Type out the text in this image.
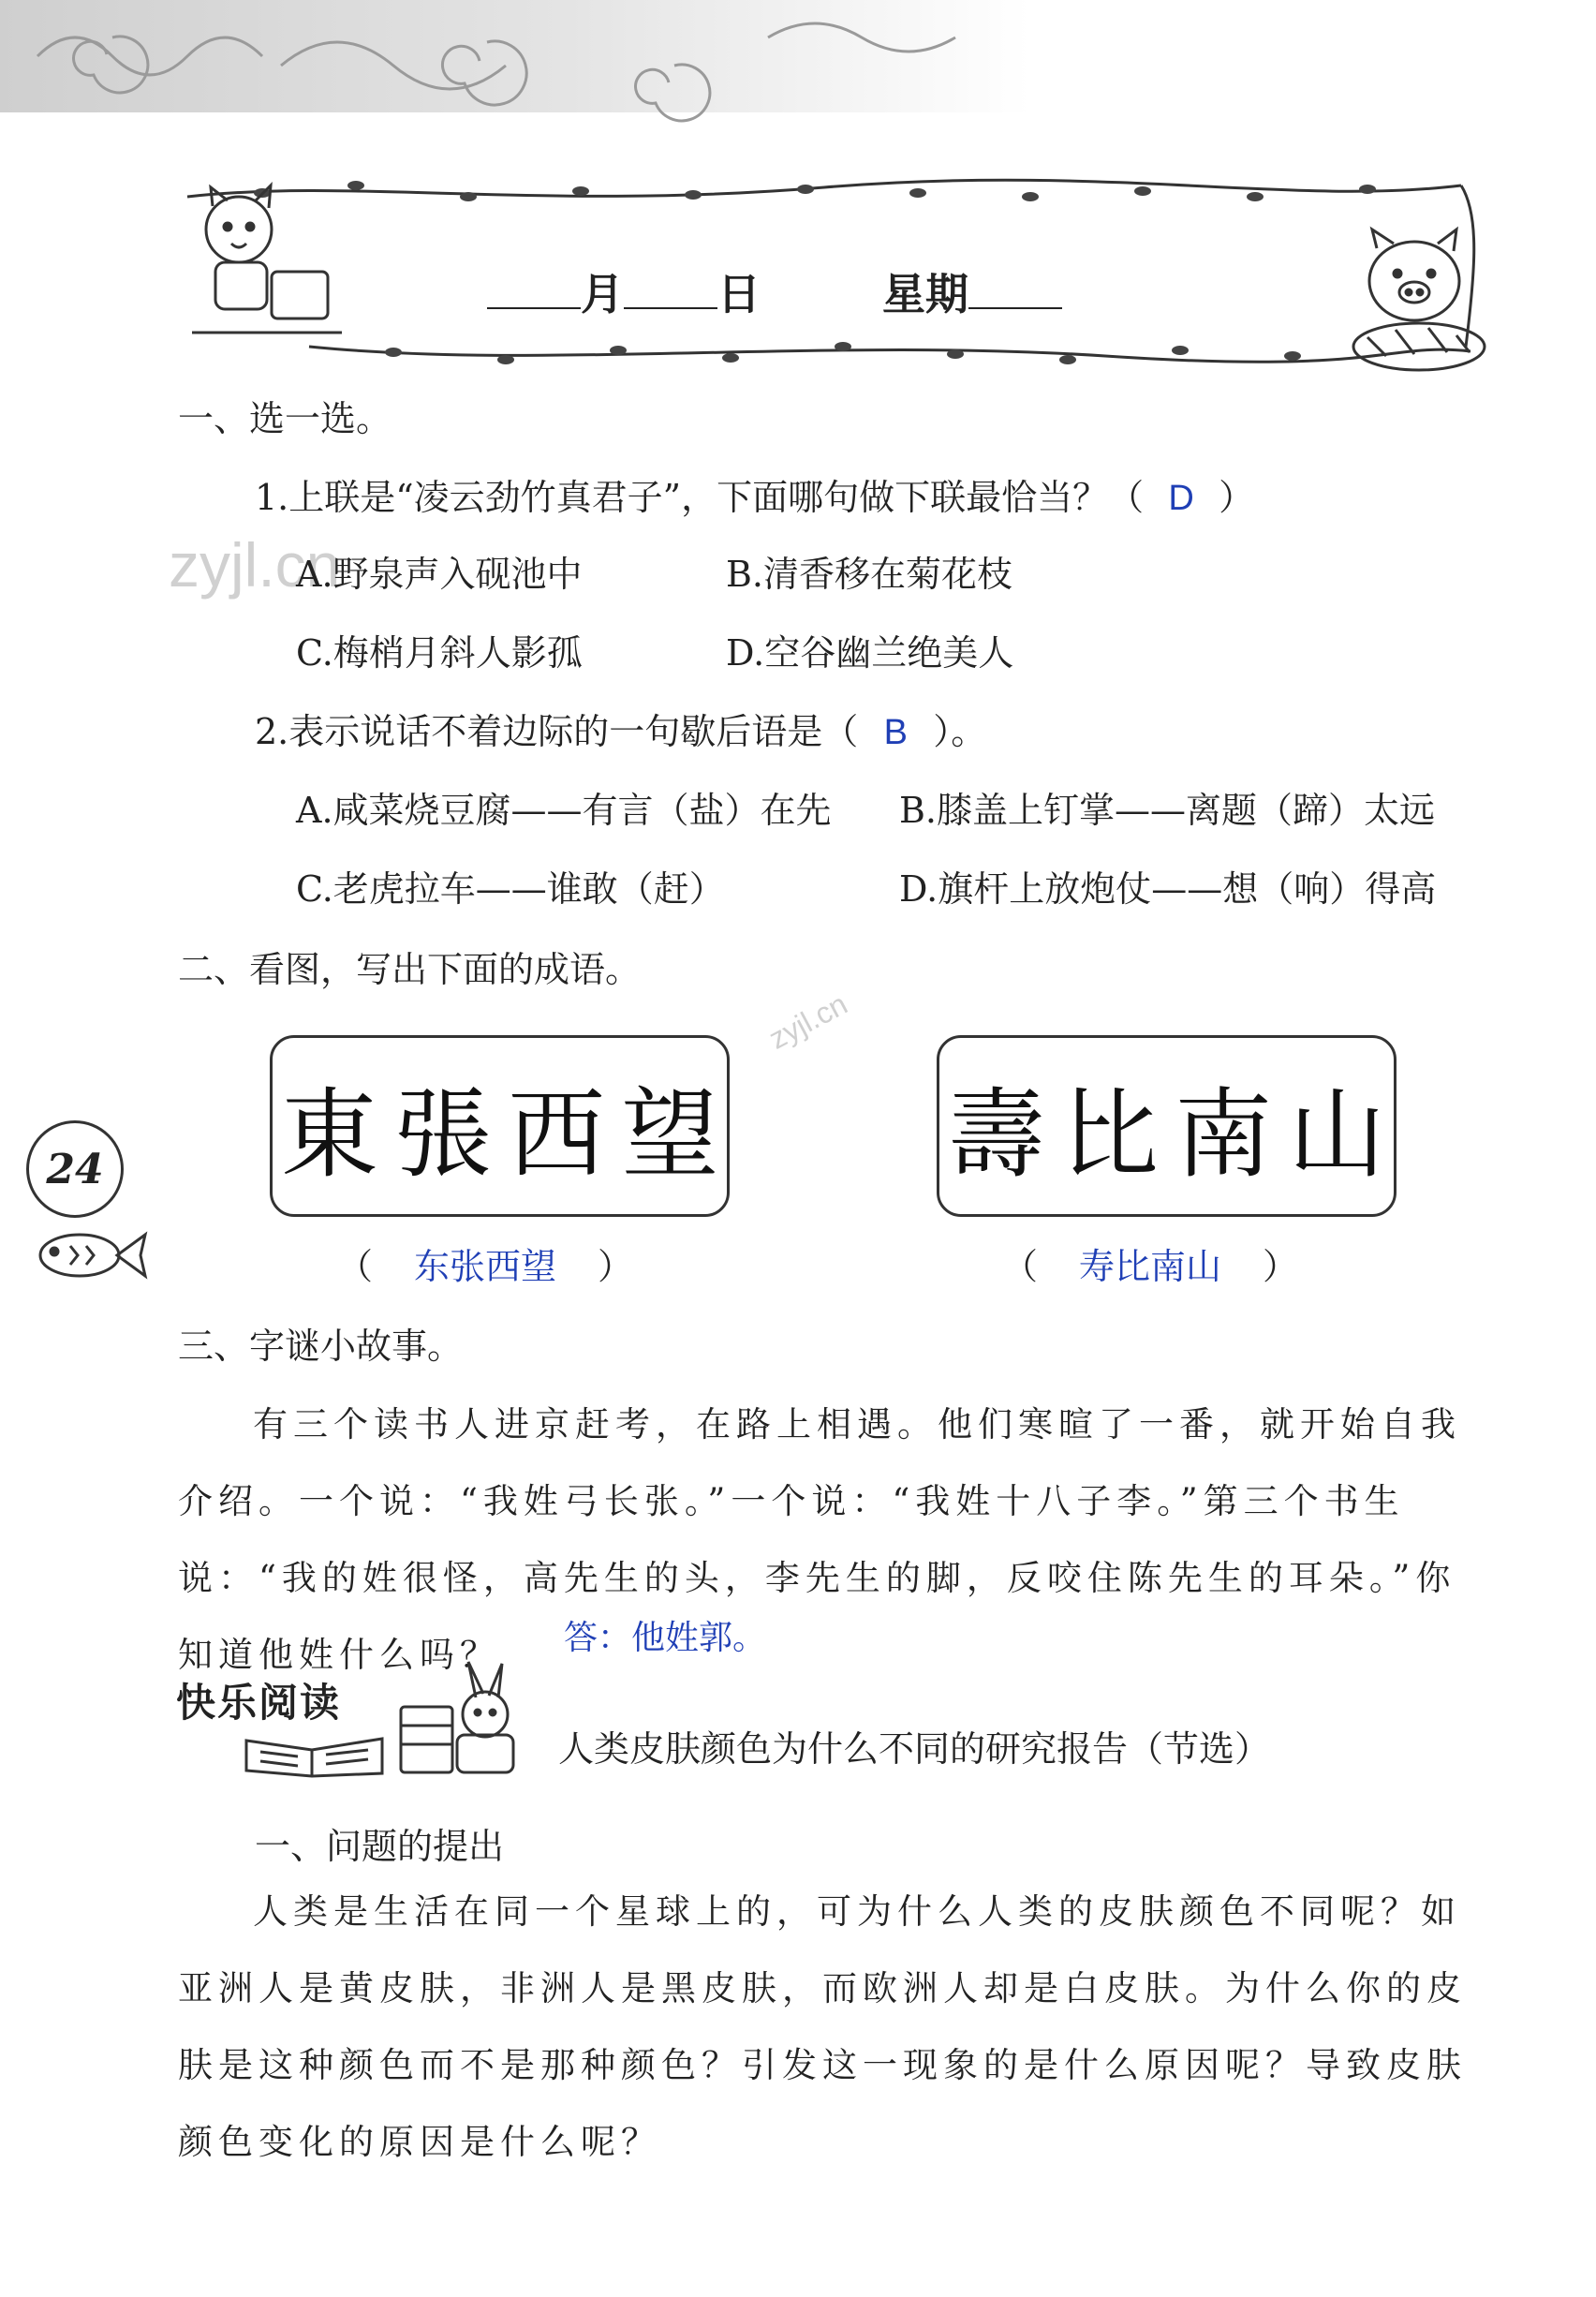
月 日	星期
zyjl.cn
zyjl.cn
一、选一选。
1.上联是“凌云劲竹真君子”，下面哪句做下联最恰当？（ D ）
A.野泉声入砚池中	B.清香移在菊花枝
C.梅梢月斜人影孤	D.空谷幽兰绝美人
2.表示说话不着边际的一句歇后语是（ B ）。
A.咸菜烧豆腐——有言（盐）在先 B.膝盖上钉掌——离题（蹄）太远
C.老虎拉车——谁敢（赶）	D.旗杆上放炮仗——想（响）得高
二、看图，写出下面的成语。
東 張 西 望 壽 比 南 山
（ 东张西望 ）	（ 寿比南山 ）
24
三、字谜小故事。
有三个读书人进京赶考，在路上相遇。他们寒暄了一番，就开始自我介绍。一个说：“我姓弓长张。”一个说：“我姓十八子李。”第三个书生说：“我的姓很怪，高先生的头，李先生的脚，反咬住陈先生的耳朵。”你知道他姓什么吗？	答：他姓郭。
快乐阅读
人类皮肤颜色为什么不同的研究报告（节选）
一、问题的提出
人类是生活在同一个星球上的，可为什么人类的皮肤颜色不同呢？如亚洲人是黄皮肤，非洲人是黑皮肤，而欧洲人却是白皮肤。为什么你的皮肤是这种颜色而不是那种颜色？引发这一现象的是什么原因呢？导致皮肤颜色变化的原因是什么呢？
